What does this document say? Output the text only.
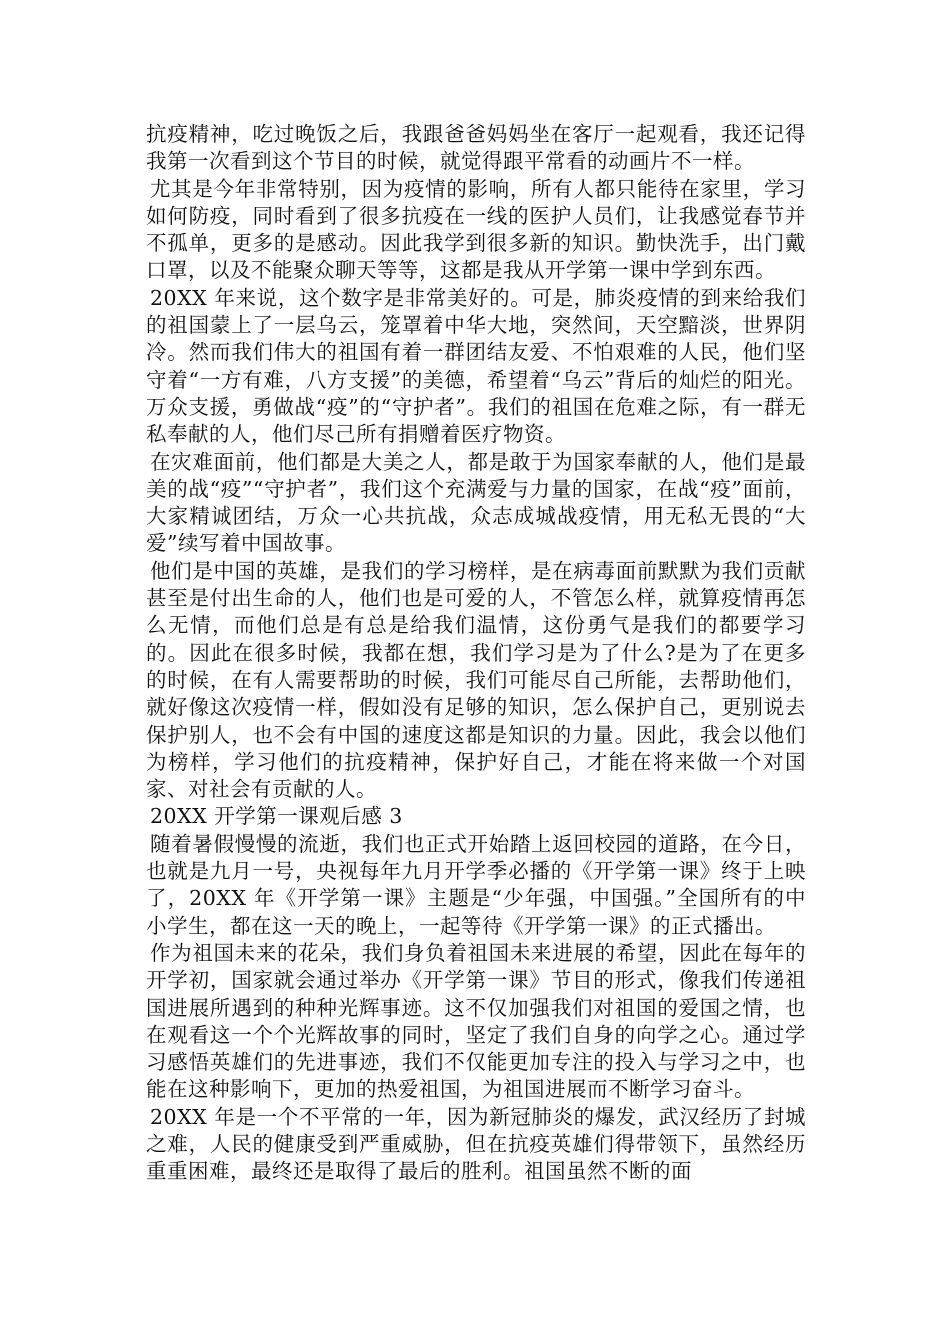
抗疫精神，吃过晚饭之后，我跟爸爸妈妈坐在客厅一起观看，我还记得我第一次看到这个节目的时候，就觉得跟平常看的动画片不一样。

尤其是今年非常特别，因为疫情的影响，所有人都只能待在家里，学习如何防疫，同时看到了很多抗疫在一线的医护人员们，让我感觉春节并不孤单，更多的是感动。因此我学到很多新的知识。勤快洗手，出门戴口罩，以及不能聚众聊天等等，这都是我从开学第一课中学到东西。

20XX 年来说，这个数字是非常美好的。可是，肺炎疫情的到来给我们的祖国蒙上了一层乌云，笼罩着中华大地，突然间，天空黯淡，世界阴冷。然而我们伟大的祖国有着一群团结友爱、不怕艰难的人民，他们坚守着“一方有难，八方支援”的美德，希望着“乌云”背后的灿烂的阳光。万众支援，勇做战“疫”的“守护者”。我们的祖国在危难之际，有一群无私奉献的人，他们尽己所有捐赠着医疗物资。

在灾难面前，他们都是大美之人，都是敢于为国家奉献的人，他们是最美的战“疫”“守护者”，我们这个充满爱与力量的国家，在战“疫”面前，大家精诚团结，万众一心共抗战，众志成城战疫情，用无私无畏的“大爱”续写着中国故事。

他们是中国的英雄，是我们的学习榜样，是在病毒面前默默为我们贡献甚至是付出生命的人，他们也是可爱的人，不管怎么样，就算疫情再怎么无情，而他们总是有总是给我们温情，这份勇气是我们的都要学习的。因此在很多时候，我都在想，我们学习是为了什么?是为了在更多的时候，在有人需要帮助的时候，我们可能尽自己所能，去帮助他们，就好像这次疫情一样，假如没有足够的知识，怎么保护自己，更别说去保护别人，也不会有中国的速度这都是知识的力量。因此，我会以他们为榜样，学习他们的抗疫精神，保护好自己，才能在将来做一个对国家、对社会有贡献的人。

20XX 开学第一课观后感 3

随着暑假慢慢的流逝，我们也正式开始踏上返回校园的道路，在今日，也就是九月一号，央视每年九月开学季必播的《开学第一课》终于上映了，20XX 年《开学第一课》主题是“少年强，中国强。”全国所有的中小学生，都在这一天的晚上，一起等待《开学第一课》的正式播出。

作为祖国未来的花朵，我们身负着祖国未来进展的希望，因此在每年的开学初，国家就会通过举办《开学第一课》节目的形式，像我们传递祖国进展所遇到的种种光辉事迹。这不仅加强我们对祖国的爱国之情，也在观看这一个个光辉故事的同时，坚定了我们自身的向学之心。通过学习感悟英雄们的先进事迹，我们不仅能更加专注的投入与学习之中，也能在这种影响下，更加的热爱祖国，为祖国进展而不断学习奋斗。

20XX 年是一个不平常的一年，因为新冠肺炎的爆发，武汉经历了封城之难，人民的健康受到严重威胁，但在抗疫英雄们得带领下，虽然经历重重困难，最终还是取得了最后的胜利。祖国虽然不断的面
